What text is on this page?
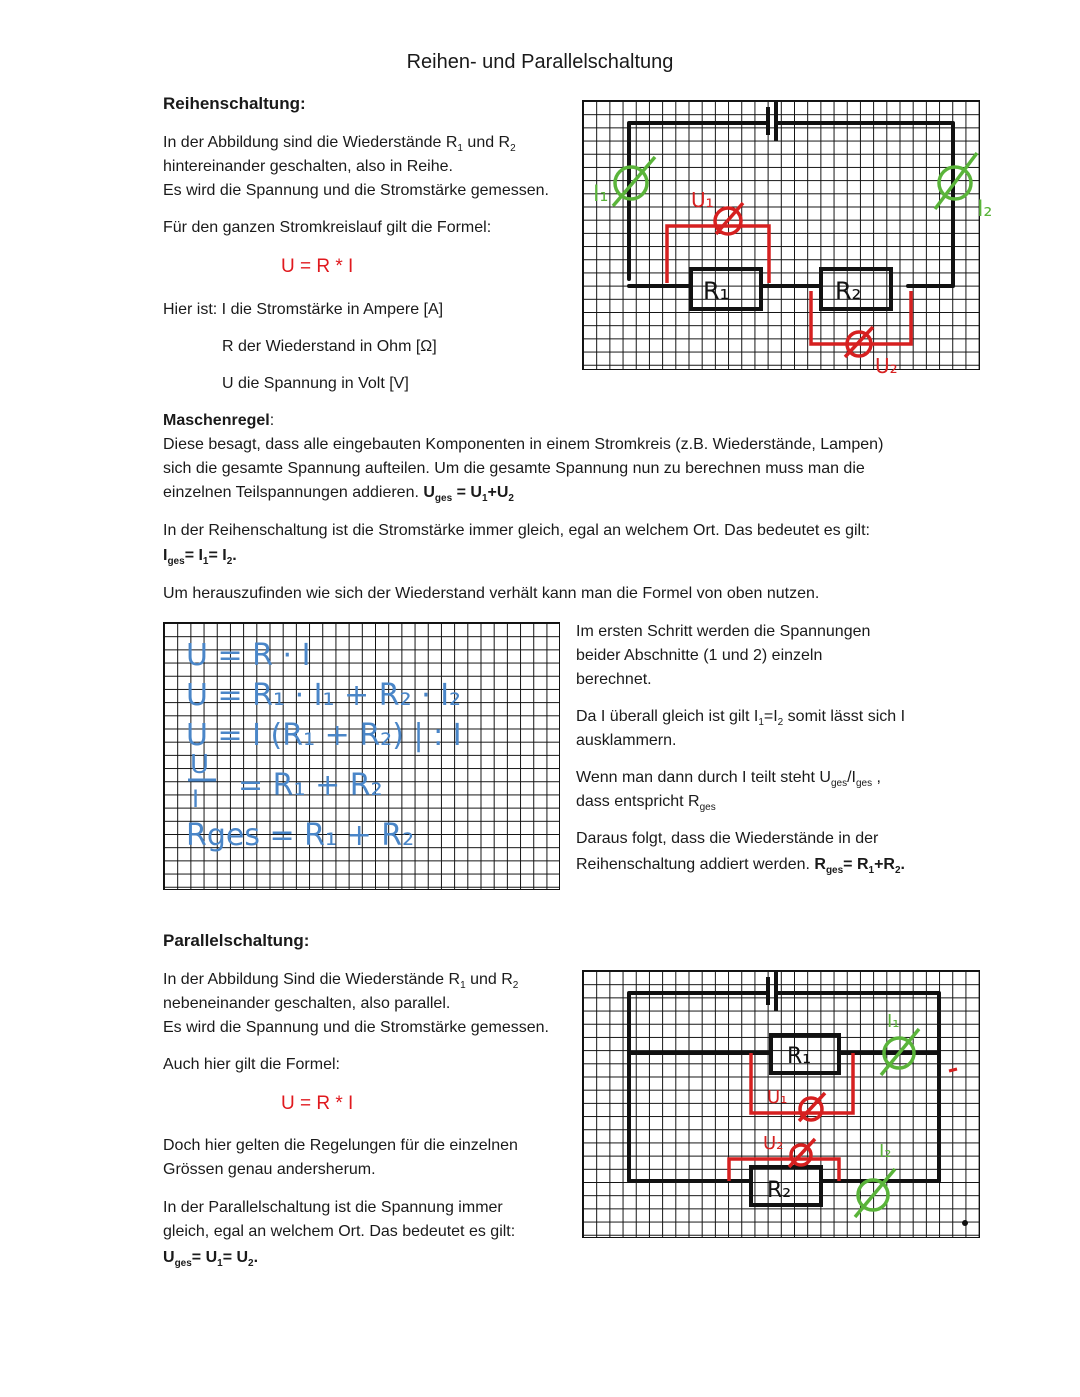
Reihen- und Parallelschaltung
Reihenschaltung:
In der Abbildung sind die Wiederstände $R_1$ und $R_2$
hintereinander geschalten, also in Reihe.
Es wird die Spannung und die Stromstärke gemessen.
Für den ganzen Stromkreislauf gilt die Formel:
U = R * I
Hier ist: I die Stromstärke in Ampere [A]
R der Wiederstand in Ohm [Ω]
U die Spannung in Volt [V]
R₁	R₂
U₁
U₂
I₁
I₂
Maschenregel:
Diese besagt, dass alle eingebauten Komponenten in einem Stromkreis (z.B. Wiederstände, Lampen)
sich die gesamte Spannung aufteilen. Um die gesamte Spannung nun zu berechnen muss man die
einzelnen Teilspannungen addieren. $U_{ges} = U_1+U_2$
In der Reihenschaltung ist die Stromstärke immer gleich, egal an welchem Ort. Das bedeutet es gilt:
$I_{ges}= I_1= I_2$.
Um herauszufinden wie sich der Wiederstand verhält kann man die Formel von oben nutzen.
U = R · I
U = R₁ · I₁ + R₂ · I₂
U = I (R₁ + R₂) | : I
U
I = R₁ + R₂
Rges = R₁ + R₂
Im ersten Schritt werden die Spannungen
beider Abschnitte (1 und 2) einzeln
berechnet.
Da I überall gleich ist gilt $I_1=I_2$ somit lässt sich I
ausklammern.
Wenn man dann durch I teilt steht $U_{ges}/I_{ges}$ ,
dass entspricht $R_{ges}$
Daraus folgt, dass die Wiederstände in der
Reihenschaltung addiert werden. $R_{ges}= R_1+R_2$.
Parallelschaltung:
In der Abbildung Sind die Wiederstände $R_1$ und $R_2$
nebeneinander geschalten, also parallel.
Es wird die Spannung und die Stromstärke gemessen.
Auch hier gilt die Formel:
U = R * I
Doch hier gelten die Regelungen für die einzelnen
Grössen genau andersherum.
In der Parallelschaltung ist die Spannung immer
gleich, egal an welchem Ort. Das bedeutet es gilt:
$U_{ges}= U_1= U_2$.
R₁
R₂
U₁
U₂
I₁
I₂
